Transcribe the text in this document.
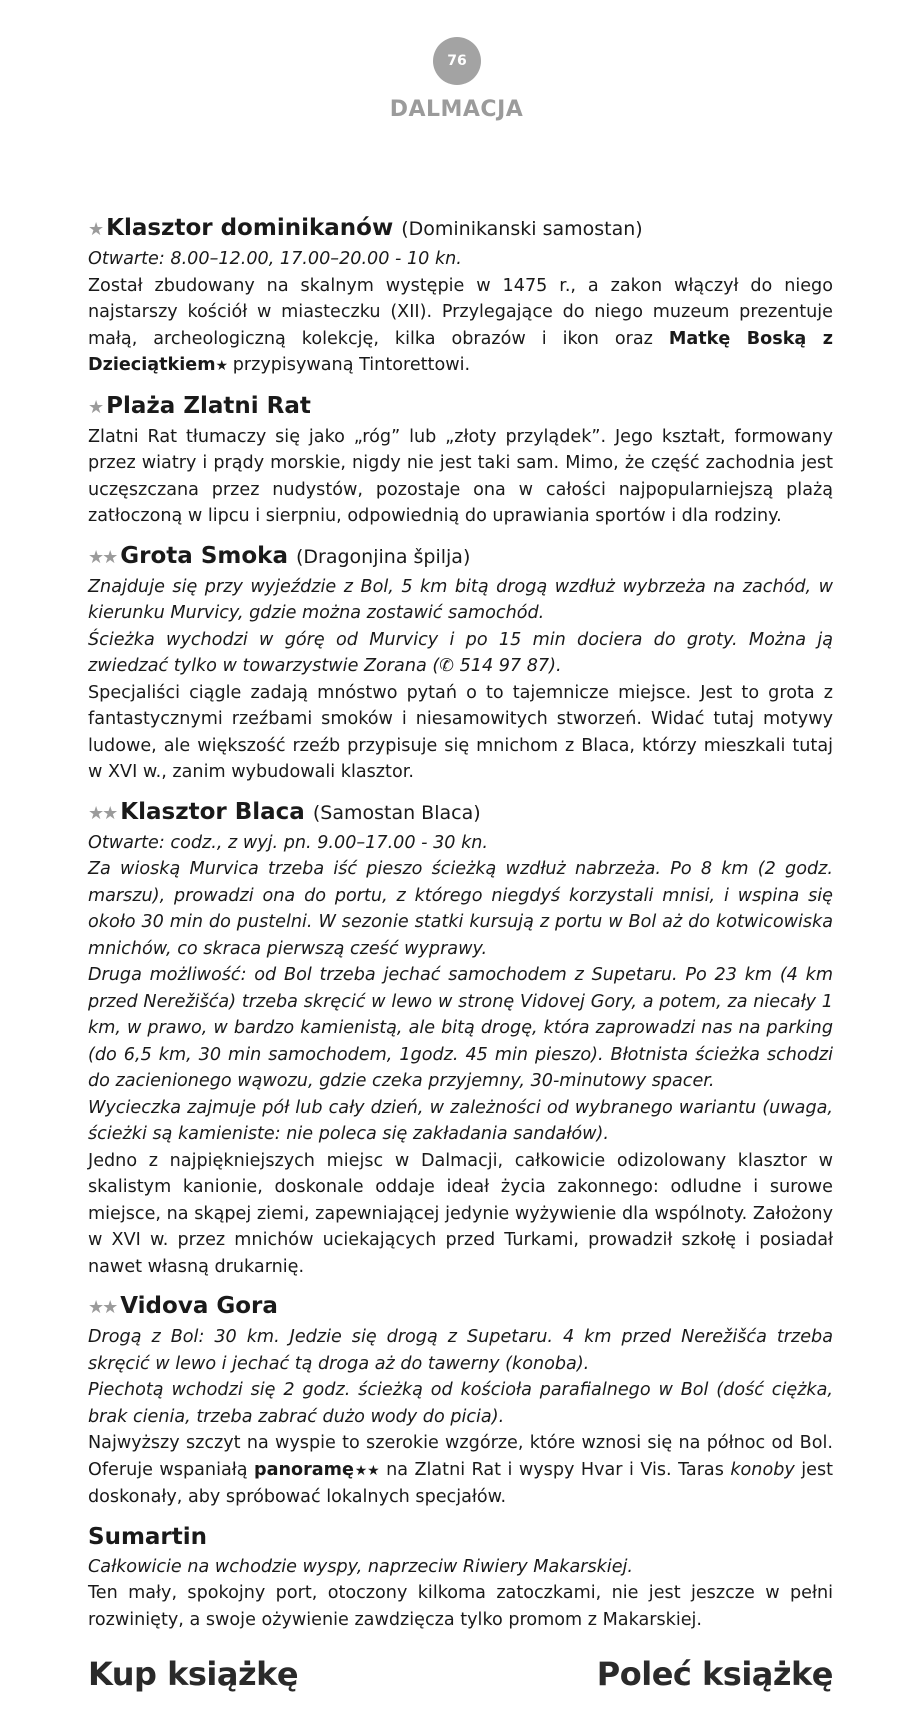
76
DALMACJA
★ Klasztor dominikanów (Dominikanski samostan)

Otwarte: 8.00–12.00, 17.00–20.00 - 10 kn.

Został zbudowany na skalnym występie w 1475 r., a zakon włączył do niego najstarszy kościół w miasteczku (XII). Przylegające do niego muzeum prezentuje małą, archeologiczną kolekcję, kilka obrazów i ikon oraz Matkę Boską z Dzieciątkiem★ przypisywaną Tintorettowi.

★ Plaża Zlatni Rat

Zlatni Rat tłumaczy się jako „róg” lub „złoty przylądek”. Jego kształt, formowany przez wiatry i prądy morskie, nigdy nie jest taki sam. Mimo, że część zachodnia jest uczęszczana przez nudystów, pozostaje ona w całości najpopularniejszą plażą zatłoczoną w lipcu i sierpniu, odpowiednią do uprawiania sportów i dla rodziny.

★★ Grota Smoka (Dragonjina špilja)

Znajduje się przy wyjeździe z Bol, 5 km bitą drogą wzdłuż wybrzeża na zachód, w kierunku Murvicy, gdzie można zostawić samochód.

Ścieżka wychodzi w górę od Murvicy i po 15 min dociera do groty. Można ją zwiedzać tylko w towarzystwie Zorana (✆ 514 97 87).

Specjaliści ciągle zadają mnóstwo pytań o to tajemnicze miejsce. Jest to grota z fantastycznymi rzeźbami smoków i niesamowitych stworzeń. Widać tutaj motywy ludowe, ale większość rzeźb przypisuje się mnichom z Blaca, którzy mieszkali tutaj w XVI w., zanim wybudowali klasztor.

★★ Klasztor Blaca (Samostan Blaca)

Otwarte: codz., z wyj. pn. 9.00–17.00 - 30 kn.

Za wioską Murvica trzeba iść pieszo ścieżką wzdłuż nabrzeża. Po 8 km (2 godz. marszu), prowadzi ona do portu, z którego niegdyś korzystali mnisi, i wspina się około 30 min do pustelni. W sezonie statki kursują z portu w Bol aż do kotwicowiska mnichów, co skraca pierwszą cześć wyprawy.

Druga możliwość: od Bol trzeba jechać samochodem z Supetaru. Po 23 km (4 km przed Nerežišća) trzeba skręcić w lewo w stronę Vidovej Gory, a potem, za niecały 1 km, w prawo, w bardzo kamienistą, ale bitą drogę, która zaprowadzi nas na parking (do 6,5 km, 30 min samochodem, 1godz. 45 min pieszo). Błotnista ścieżka schodzi do zacienionego wąwozu, gdzie czeka przyjemny, 30-minutowy spacer.

Wycieczka zajmuje pół lub cały dzień, w zależności od wybranego wariantu (uwaga, ścieżki są kamieniste: nie poleca się zakładania sandałów).

Jedno z najpiękniejszych miejsc w Dalmacji, całkowicie odizolowany klasztor w skalistym kanionie, doskonale oddaje ideał życia zakonnego: odludne i surowe miejsce, na skąpej ziemi, zapewniającej jedynie wyżywienie dla wspólnoty. Założony w XVI w. przez mnichów uciekających przed Turkami, prowadził szkołę i posiadał nawet własną drukarnię.

★★ Vidova Gora

Drogą z Bol: 30 km. Jedzie się drogą z Supetaru. 4 km przed Nerežišća trzeba skręcić w lewo i jechać tą droga aż do tawerny (konoba).

Piechotą wchodzi się 2 godz. ścieżką od kościoła parafialnego w Bol (dość ciężka, brak cienia, trzeba zabrać dużo wody do picia).

Najwyższy szczyt na wyspie to szerokie wzgórze, które wznosi się na północ od Bol. Oferuje wspaniałą panoramę★★ na Zlatni Rat i wyspy Hvar i Vis. Taras konoby jest doskonały, aby spróbować lokalnych specjałów.

Sumartin

Całkowicie na wchodzie wyspy, naprzeciw Riwiery Makarskiej.

Ten mały, spokojny port, otoczony kilkoma zatoczkami, nie jest jeszcze w pełni rozwinięty, a swoje ożywienie zawdzięcza tylko promom z Makarskiej.

Kup książkę	Poleć książkę
